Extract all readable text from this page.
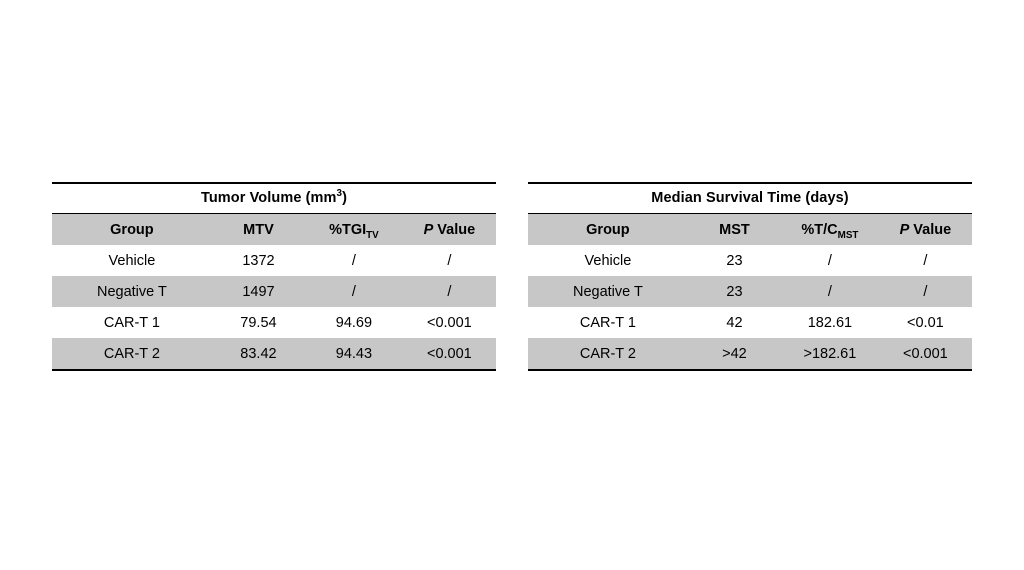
Tumor Volume $(mm^3)$
Group	MTV	$\%TGI_{TV}$	P Value
Vehicle	1372	/	/
Negative T	1497	/	/
CAR-T 1	79.54	94.69	<0.001
CAR-T 2	83.42	94.43	<0.001
Median Survival Time (days)
Group	MST	$\%T/C_{MST}$	P Value
Vehicle	23	/	/
Negative T	23	/	/
CAR-T 1	42	182.61	<0.01
CAR-T 2	>42	>182.61	<0.001
